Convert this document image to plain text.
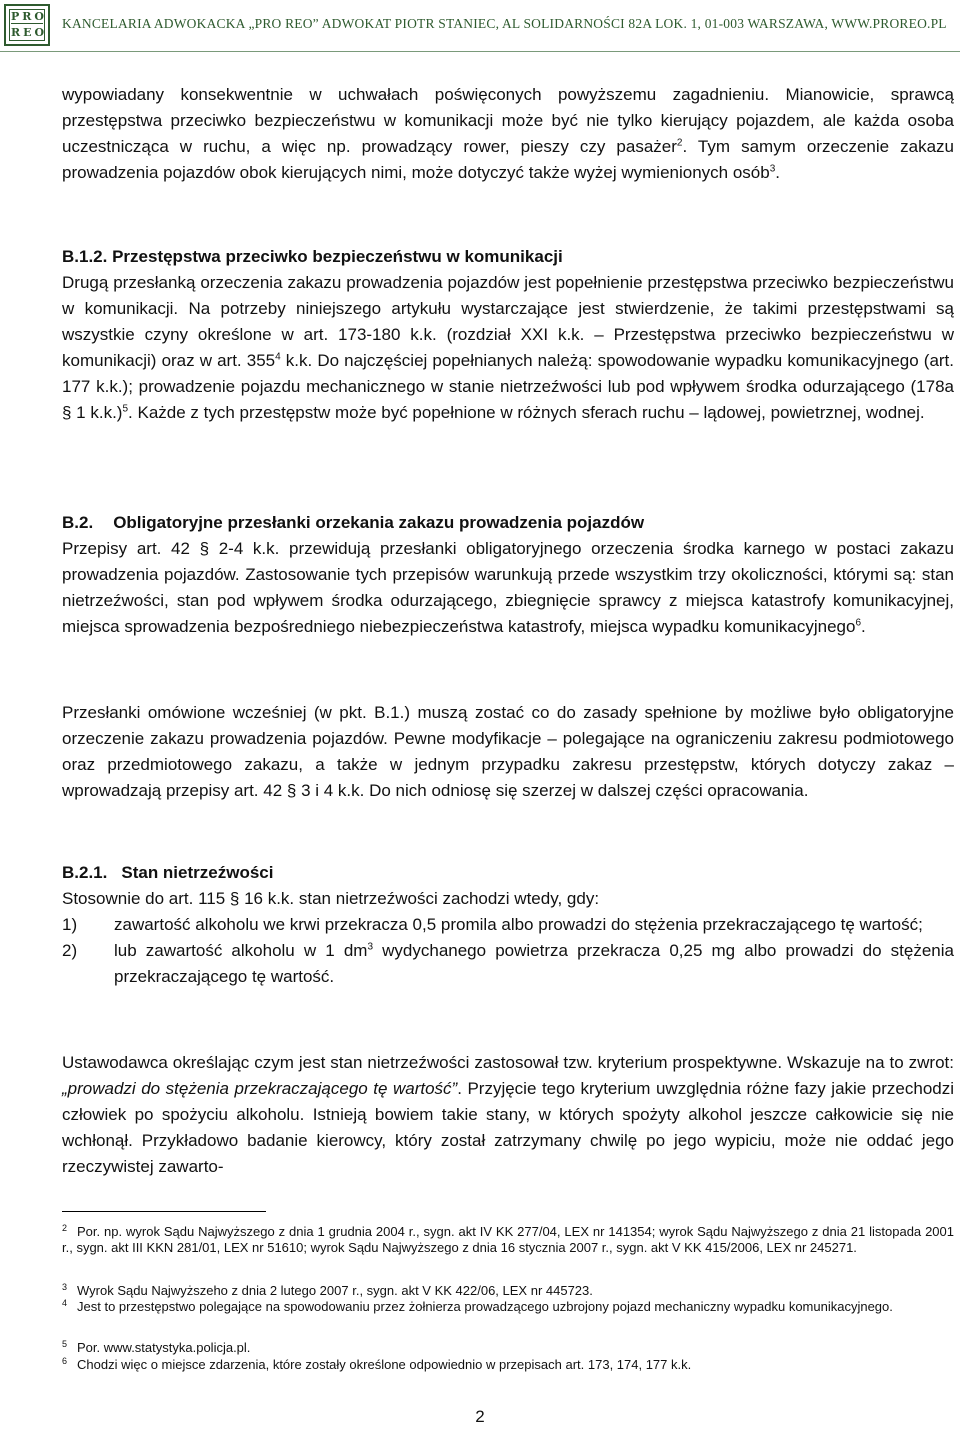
PRO
REO
KANCELARIA ADWOKACKA „PRO REO” ADWOKAT PIOTR STANIEC, AL SOLIDARNOŚCI 82A LOK. 1, 01-003 WARSZAWA, WWW.PROREO.PL

wypowiadany konsekwentnie w uchwałach poświęconych powyższemu zagadnieniu. Mianowicie, sprawcą przestępstwa przeciwko bezpieczeństwu w komunikacji może być nie tylko kierujący pojazdem, ale każda osoba uczestnicząca w ruchu, a więc np. prowadzący rower, pieszy czy pasażer$^2$. Tym samym orzeczenie zakazu prowadzenia pojazdów obok kierujących nimi, może dotyczyć także wyżej wymienionych osób$^3$.

B.1.2. Przestępstwa przeciwko bezpieczeństwu w komunikacji

Drugą przesłanką orzeczenia zakazu prowadzenia pojazdów jest popełnienie przestępstwa przeciwko bezpieczeństwu w komunikacji. Na potrzeby niniejszego artykułu wystarczające jest stwierdzenie, że takimi przestępstwami są wszystkie czyny określone w art. 173-180 k.k. (rozdział XXI k.k. – Przestępstwa przeciwko bezpieczeństwu w komunikacji) oraz w art. $355^4$ k.k. Do najczęściej popełnianych należą: spowodowanie wypadku komunikacyjnego (art. 177 k.k.); prowadzenie pojazdu mechanicznego w stanie nietrzeźwości lub pod wpływem środka odurzającego (178a § 1 k.k.)$^5$. Każde z tych przestępstw może być popełnione w różnych sferach ruchu – lądowej, powietrznej, wodnej.

B.2. Obligatoryjne przesłanki orzekania zakazu prowadzenia pojazdów

Przepisy art. 42 § 2-4 k.k. przewidują przesłanki obligatoryjnego orzeczenia środka karnego w postaci zakazu prowadzenia pojazdów. Zastosowanie tych przepisów warunkują przede wszystkim trzy okoliczności, którymi są: stan nietrzeźwości, stan pod wpływem środka odurzającego, zbiegnięcie sprawcy z miejsca katastrofy komunikacyjnej, miejsca sprowadzenia bezpośredniego niebezpieczeństwa katastrofy, miejsca wypadku komunikacyjnego$^6$.

Przesłanki omówione wcześniej (w pkt. B.1.) muszą zostać co do zasady spełnione by możliwe było obligatoryjne orzeczenie zakazu prowadzenia pojazdów. Pewne modyfikacje – polegające na ograniczeniu zakresu podmiotowego oraz przedmiotowego zakazu, a także w jednym przypadku zakresu przestępstw, których dotyczy zakaz – wprowadzają przepisy art. 42 § 3 i 4 k.k. Do nich odniosę się szerzej w dalszej części opracowania.

B.2.1. Stan nietrzeźwości

Stosownie do art. 115 § 16 k.k. stan nietrzeźwości zachodzi wtedy, gdy:

1) zawartość alkoholu we krwi przekracza 0,5 promila albo prowadzi do stężenia przekraczającego tę wartość;
2) lub zawartość alkoholu w 1 $dm^3$ wydychanego powietrza przekracza 0,25 mg albo prowadzi do stężenia przekraczającego tę wartość.

Ustawodawca określając czym jest stan nietrzeźwości zastosował tzw. kryterium prospektywne. Wskazuje na to zwrot: „prowadzi do stężenia przekraczającego tę wartość”. Przyjęcie tego kryterium uwzględnia różne fazy jakie przechodzi człowiek po spożyciu alkoholu. Istnieją bowiem takie stany, w których spożyty alkohol jeszcze całkowicie się nie wchłonął. Przykładowo badanie kierowcy, który został zatrzymany chwilę po jego wypiciu, może nie oddać jego rzeczywistej zawarto-

$^2$ Por. np. wyrok Sądu Najwyższego z dnia 1 grudnia 2004 r., sygn. akt IV KK 277/04, LEX nr 141354; wyrok Sądu Najwyższego z dnia 21 listopada 2001 r., sygn. akt III KKN 281/01, LEX nr 51610; wyrok Sądu Najwyższego z dnia 16 stycznia 2007 r., sygn. akt V KK 415/2006, LEX nr 245271.
$^3$ Wyrok Sądu Najwyższeho z dnia 2 lutego 2007 r., sygn. akt V KK 422/06, LEX nr 445723.
$^4$ Jest to przestępstwo polegające na spowodowaniu przez żołnierza prowadzącego uzbrojony pojazd mechaniczny wypadku komunikacyjnego.
$^5$ Por. www.statystyka.policja.pl.
$^6$ Chodzi więc o miejsce zdarzenia, które zostały określone odpowiednio w przepisach art. 173, 174, 177 k.k.
2
